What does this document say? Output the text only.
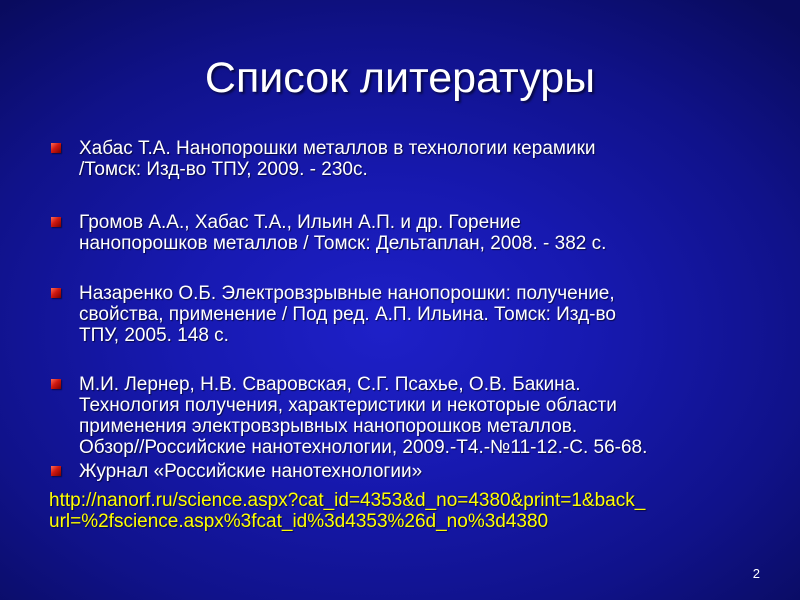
Список литературы
Хабас Т.А. Нанопорошки металлов в технологии керамики
/Томск: Изд-во ТПУ, 2009. - 230с.
Громов А.А., Хабас Т.А., Ильин А.П. и др. Горение
нанопорошков металлов / Томск: Дельтаплан, 2008. - 382 с.
Назаренко О.Б. Электровзрывные нанопорошки: получение,
свойства, применение / Под ред. А.П. Ильина. Томск: Изд-во
ТПУ, 2005. 148 с.
М.И. Лернер, Н.В. Сваровская, С.Г. Псахье, О.В. Бакина.
Технология получения, характеристики и некоторые области
применения электровзрывных нанопорошков металлов.
Обзор//Российские нанотехнологии, 2009.-Т4.-№11-12.-С. 56-68.
Журнал «Российские нанотехнологии»
http://nanorf.ru/science.aspx?cat_id=4353&d_no=4380&print=1&back_
url=%2fscience.aspx%3fcat_id%3d4353%26d_no%3d4380
2
